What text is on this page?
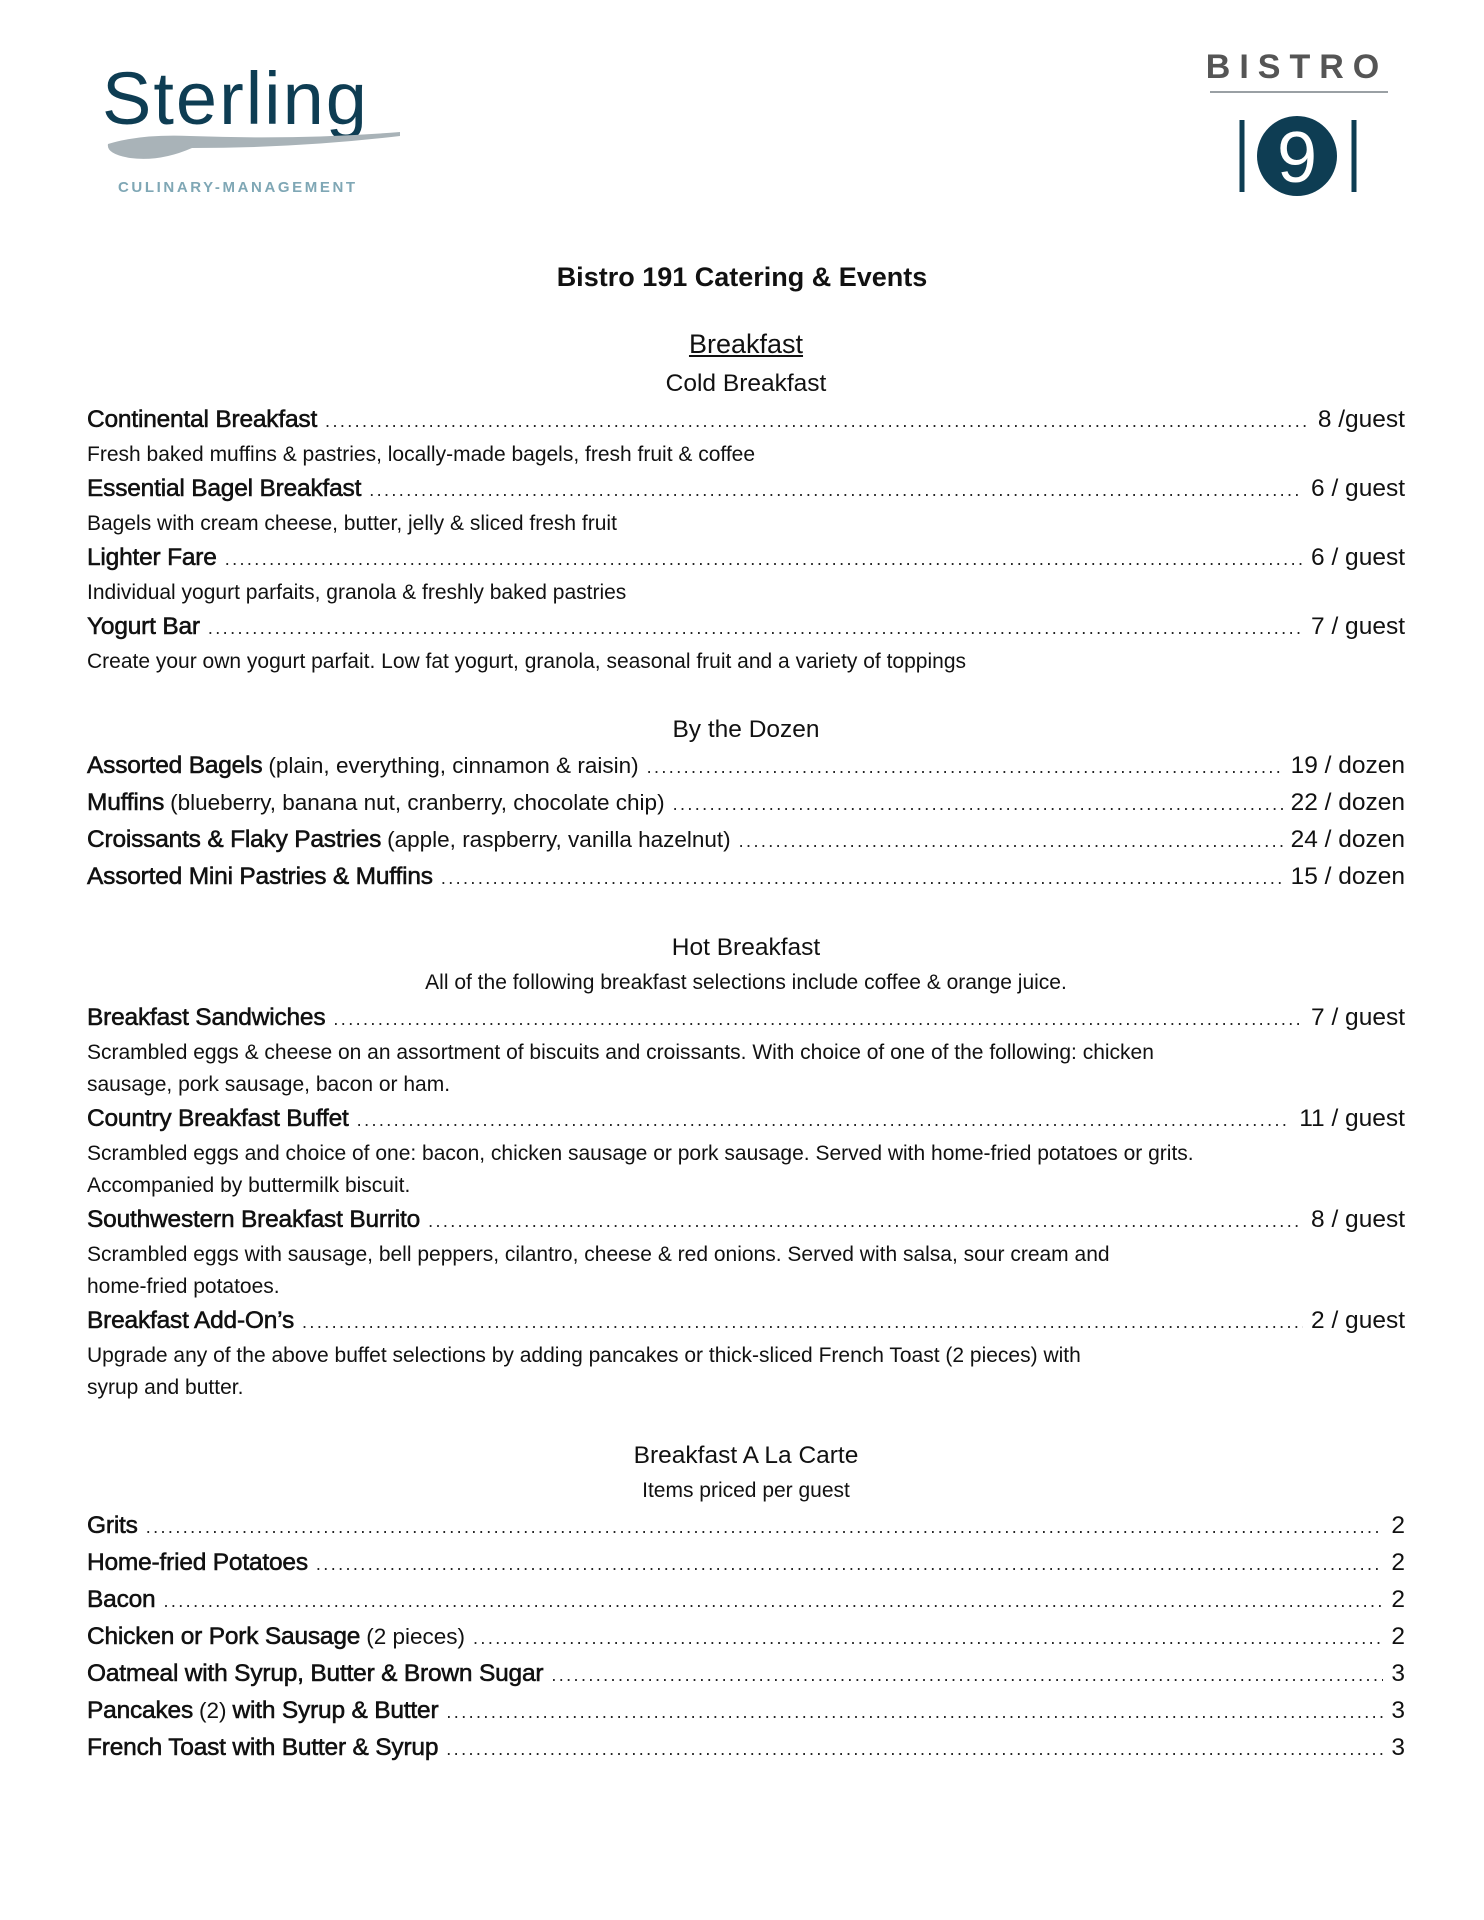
Sterling
CULINARY-MANAGEMENT
BISTRO
9
Bistro 191 Catering & Events
Breakfast
Cold Breakfast
Continental Breakfast . . .	8 /guest
Fresh baked muffins & pastries, locally-made bagels, fresh fruit & coffee
Essential Bagel Breakfast . . .	6 / guest
Bagels with cream cheese, butter, jelly & sliced fresh fruit
Lighter Fare . . .	6 / guest
Individual yogurt parfaits, granola & freshly baked pastries
Yogurt Bar . . .	7 / guest
Create your own yogurt parfait. Low fat yogurt, granola, seasonal fruit and a variety of toppings
By the Dozen
Assorted Bagels (plain, everything, cinnamon & raisin) . . .	19 / dozen
Muffins (blueberry, banana nut, cranberry, chocolate chip) . . .	22 / dozen
Croissants & Flaky Pastries (apple, raspberry, vanilla hazelnut) . . .	24 / dozen
Assorted Mini Pastries & Muffins . . .	15 / dozen
Hot Breakfast
All of the following breakfast selections include coffee & orange juice.
Breakfast Sandwiches . . .	7 / guest
Scrambled eggs & cheese on an assortment of biscuits and croissants. With choice of one of the following: chicken
sausage, pork sausage, bacon or ham.
Country Breakfast Buffet . . .	11 / guest
Scrambled eggs and choice of one: bacon, chicken sausage or pork sausage. Served with home-fried potatoes or grits.
Accompanied by buttermilk biscuit.
Southwestern Breakfast Burrito . . .	8 / guest
Scrambled eggs with sausage, bell peppers, cilantro, cheese & red onions. Served with salsa, sour cream and
home-fried potatoes.
Breakfast Add-On’s . . .	2 / guest
Upgrade any of the above buffet selections by adding pancakes or thick-sliced French Toast (2 pieces) with
syrup and butter.
Breakfast A La Carte
Items priced per guest
Grits . . .	2
Home-fried Potatoes . . .	2
Bacon . . .	2
Chicken or Pork Sausage (2 pieces) . . .	2
Oatmeal with Syrup, Butter & Brown Sugar . . .	3
Pancakes (2) with Syrup & Butter . . .	3
French Toast with Butter & Syrup . . .	3
